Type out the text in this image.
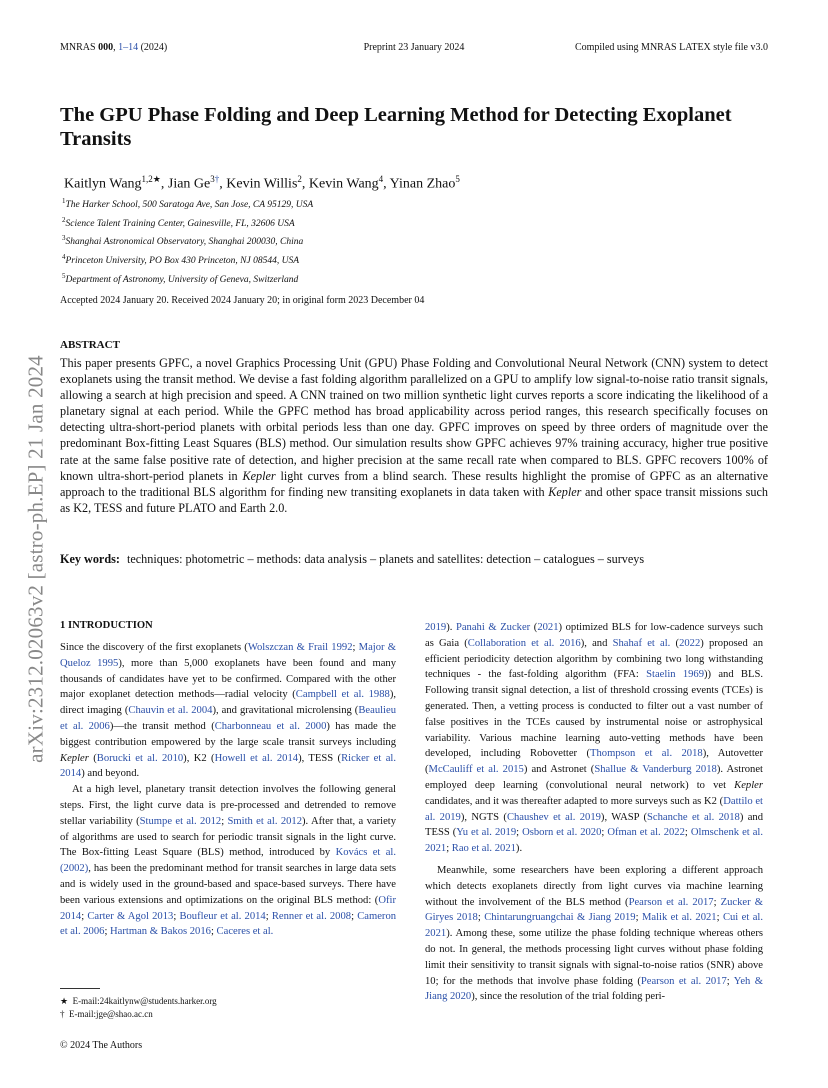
MNRAS 000, 1–14 (2024)	Preprint 23 January 2024	Compiled using MNRAS LATEX style file v3.0
arXiv:2312.02063v2 [astro-ph.EP] 21 Jan 2024
The GPU Phase Folding and Deep Learning Method for Detecting Exoplanet Transits
Kaitlyn Wang$^{1,2★}$, Jian $Ge^{3\dagger}$, Kevin Willis$^2$, Kevin Wang$^4$, Yinan Zhao$^5$
$^1$The Harker School, 500 Saratoga Ave, San Jose, CA 95129, USA
$^2$Science Talent Training Center, Gainesville, FL, 32606 USA
$^3$Shanghai Astronomical Observatory, Shanghai 200030, China
$^4$Princeton University, PO Box 430 Princeton, NJ 08544, USA
$^5$Department of Astronomy, University of Geneva, Switzerland
Accepted 2024 January 20. Received 2024 January 20; in original form 2023 December 04
ABSTRACT
This paper presents GPFC, a novel Graphics Processing Unit (GPU) Phase Folding and Convolutional Neural Network (CNN) system to detect exoplanets using the transit method. We devise a fast folding algorithm parallelized on a GPU to amplify low signal-to-noise ratio transit signals, allowing a search at high precision and speed. A CNN trained on two million synthetic light curves reports a score indicating the likelihood of a planetary signal at each period. While the GPFC method has broad applicability across period ranges, this research specifically focuses on detecting ultra-short-period planets with orbital periods less than one day. GPFC improves on speed by three orders of magnitude over the predominant Box-fitting Least Squares (BLS) method. Our simulation results show GPFC achieves 97% training accuracy, higher true positive rate at the same false positive rate of detection, and higher precision at the same recall rate when compared to BLS. GPFC recovers 100% of known ultra-short-period planets in Kepler light curves from a blind search. These results highlight the promise of GPFC as an alternative approach to the traditional BLS algorithm for finding new transiting exoplanets in data taken with Kepler and other space transit missions such as K2, TESS and future PLATO and Earth 2.0.
Key words: techniques: photometric – methods: data analysis – planets and satellites: detection – catalogues – surveys
1 INTRODUCTION

Since the discovery of the first exoplanets (Wolszczan & Frail 1992; Major & Queloz 1995), more than 5,000 exoplanets have been found and many thousands of candidates have yet to be confirmed. Compared with the other major exoplanet detection methods—radial velocity (Campbell et al. 1988), direct imaging (Chauvin et al. 2004), and gravitational microlensing (Beaulieu et al. 2006)—the transit method (Charbonneau et al. 2000) has made the biggest contribution empowered by the large scale transit surveys including Kepler (Borucki et al. 2010), K2 (Howell et al. 2014), TESS (Ricker et al. 2014) and beyond.

At a high level, planetary transit detection involves the following general steps. First, the light curve data is pre-processed and detrended to remove stellar variability (Stumpe et al. 2012; Smith et al. 2012). After that, a variety of algorithms are used to search for periodic transit signals in the light curve. The Box-fitting Least Square (BLS) method, introduced by Kovács et al. (2002), has been the predominant method for transit searches in large data sets and is widely used in the ground-based and space-based surveys. There have been various extensions and optimizations on the original BLS method: (Ofir 2014; Carter & Agol 2013; Boufleur et al. 2014; Renner et al. 2008; Cameron et al. 2006; Hartman & Bakos 2016; Caceres et al.

2019). Panahi & Zucker (2021) optimized BLS for low-cadence surveys such as Gaia (Collaboration et al. 2016), and Shahaf et al. (2022) proposed an efficient periodicity detection algorithm by combining two long withstanding techniques - the fast-folding algorithm (FFA: Staelin 1969)) and BLS. Following transit signal detection, a list of threshold crossing events (TCEs) is generated. Then, a vetting process is conducted to filter out a vast number of false positives in the TCEs caused by instrumental noise or astrophysical variability. Various machine learning auto-vetting methods have been developed, including Robovetter (Thompson et al. 2018), Autovetter (McCauliff et al. 2015) and Astronet (Shallue & Vanderburg 2018). Astronet employed deep learning (convolutional neural network) to vet Kepler candidates, and it was thereafter adapted to more surveys such as K2 (Dattilo et al. 2019), NGTS (Chaushev et al. 2019), WASP (Schanche et al. 2018) and TESS (Yu et al. 2019; Osborn et al. 2020; Ofman et al. 2022; Olmschenk et al. 2021; Rao et al. 2021).

Meanwhile, some researchers have been exploring a different approach which detects exoplanets directly from light curves via machine learning without the involvement of the BLS method (Pearson et al. 2017; Zucker & Giryes 2018; Chintarungruangchai & Jiang 2019; Malik et al. 2021; Cui et al. 2021). Among these, some utilize the phase folding technique whereas others do not. In general, the methods processing light curves without phase folding limit their sensitivity to transit signals with signal-to-noise ratios (SNR) above 10; for the methods that involve phase folding (Pearson et al. 2017; Yeh & Jiang 2020), since the resolution of the trial folding peri-

★ E-mail:24kaitlynw@students.harker.org
† E-mail:jge@shao.ac.cn
© 2024 The Authors
